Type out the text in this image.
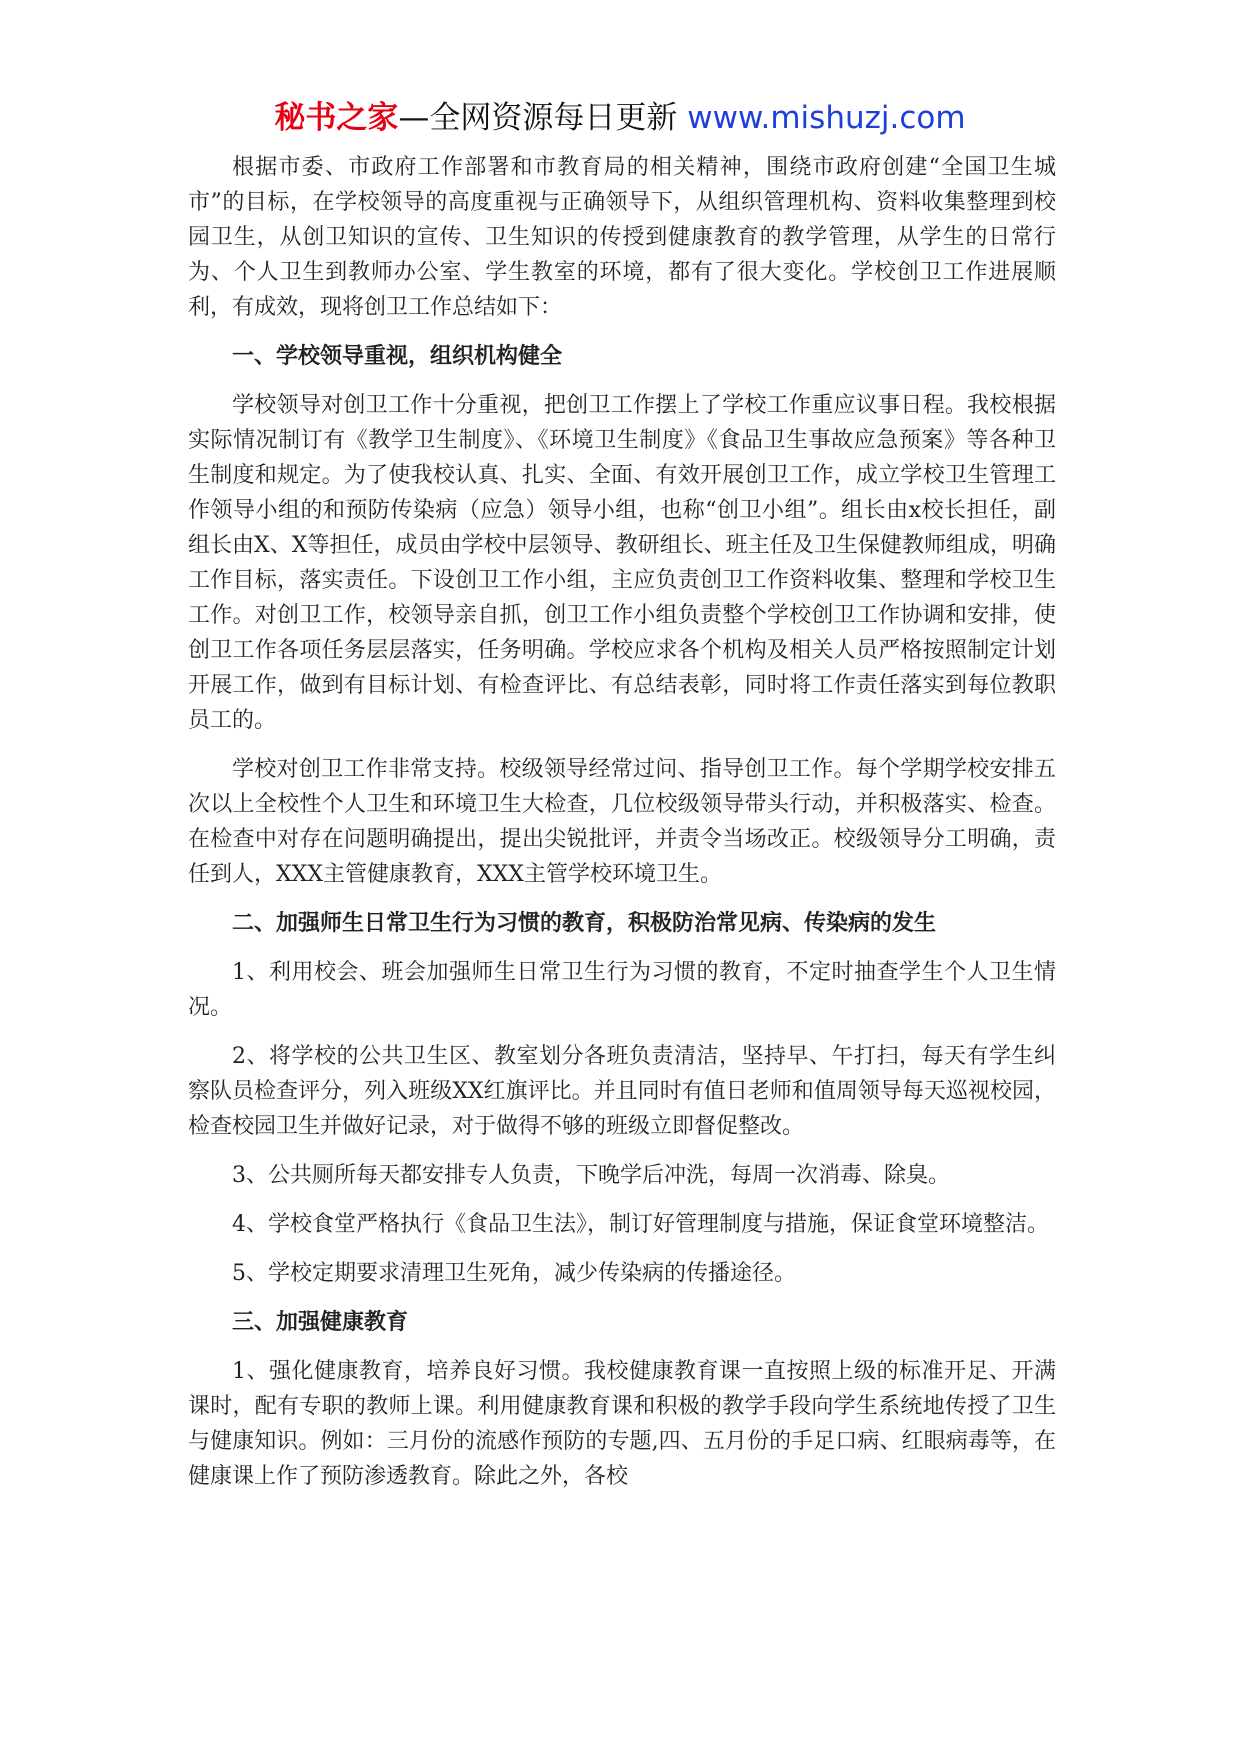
秘书之家—全网资源每日更新 www.mishuzj.com

根据市委、市政府工作部署和市教育局的相关精神，围绕市政府创建“全国卫生城市”的目标，在学校领导的高度重视与正确领导下，从组织管理机构、资料收集整理到校园卫生，从创卫知识的宣传、卫生知识的传授到健康教育的教学管理，从学生的日常行为、个人卫生到教师办公室、学生教室的环境，都有了很大变化。学校创卫工作进展顺利，有成效，现将创卫工作总结如下：

一、学校领导重视，组织机构健全

学校领导对创卫工作十分重视，把创卫工作摆上了学校工作重应议事日程。我校根据实际情况制订有《教学卫生制度》、《环境卫生制度》《食品卫生事故应急预案》等各种卫生制度和规定。为了使我校认真、扎实、全面、有效开展创卫工作，成立学校卫生管理工作领导小组的和预防传染病（应急）领导小组，也称“创卫小组”。组长由x校长担任，副组长由X、X等担任，成员由学校中层领导、教研组长、班主任及卫生保健教师组成，明确工作目标，落实责任。下设创卫工作小组，主应负责创卫工作资料收集、整理和学校卫生工作。对创卫工作，校领导亲自抓，创卫工作小组负责整个学校创卫工作协调和安排，使创卫工作各项任务层层落实，任务明确。学校应求各个机构及相关人员严格按照制定计划开展工作，做到有目标计划、有检查评比、有总结表彰，同时将工作责任落实到每位教职员工的。

学校对创卫工作非常支持。校级领导经常过问、指导创卫工作。每个学期学校安排五次以上全校性个人卫生和环境卫生大检查，几位校级领导带头行动，并积极落实、检查。在检查中对存在问题明确提出，提出尖锐批评，并责令当场改正。校级领导分工明确，责任到人，XXX主管健康教育，XXX主管学校环境卫生。

二、加强师生日常卫生行为习惯的教育，积极防治常见病、传染病的发生

1、利用校会、班会加强师生日常卫生行为习惯的教育，不定时抽查学生个人卫生情况。

2、将学校的公共卫生区、教室划分各班负责清洁，坚持早、午打扫，每天有学生纠察队员检查评分，列入班级XX红旗评比。并且同时有值日老师和值周领导每天巡视校园，检查校园卫生并做好记录，对于做得不够的班级立即督促整改。

3、公共厕所每天都安排专人负责，下晚学后冲洗，每周一次消毒、除臭。

4、学校食堂严格执行《食品卫生法》，制订好管理制度与措施，保证食堂环境整洁。

5、学校定期要求清理卫生死角，减少传染病的传播途径。

三、加强健康教育

1、强化健康教育，培养良好习惯。我校健康教育课一直按照上级的标准开足、开满课时，配有专职的教师上课。利用健康教育课和积极的教学手段向学生系统地传授了卫生与健康知识。例如：三月份的流感作预防的专题,四、五月份的手足口病、红眼病毒等，在健康课上作了预防渗透教育。除此之外，各校
